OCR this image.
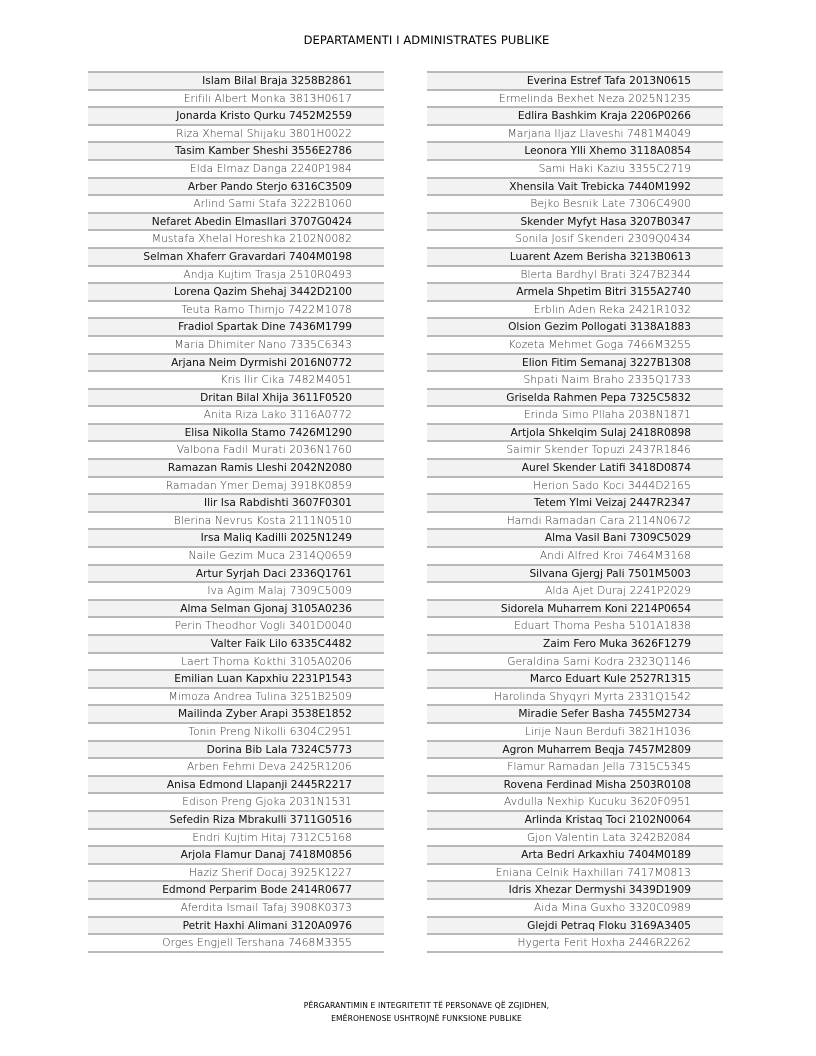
DEPARTAMENTI I ADMINISTRATES PUBLIKE
Islam Bilal Braja 3258B2861
Erifili Albert Monka 3813H0617
Jonarda Kristo Qurku 7452M2559
Riza Xhemal Shijaku 3801H0022
Tasim Kamber Sheshi 3556E2786
Elda Elmaz Danga 2240P1984
Arber Pando Sterjo 6316C3509
Arlind Sami Stafa 3222B1060
Nefaret Abedin Elmasllari 3707G0424
Mustafa Xhelal Horeshka 2102N0082
Selman Xhaferr Gravardari 7404M0198
Andja Kujtim Trasja 2510R0493
Lorena Qazim Shehaj 3442D2100
Teuta Ramo Thimjo 7422M1078
Fradiol Spartak Dine 7436M1799
Maria Dhimiter Nano 7335C6343
Arjana Neim Dyrmishi 2016N0772
Kris Ilir Cika 7482M4051
Dritan Bilal Xhija 3611F0520
Anita Riza Lako 3116A0772
Elisa Nikolla Stamo 7426M1290
Valbona Fadil Murati 2036N1760
Ramazan Ramis Lleshi 2042N2080
Ramadan Ymer Demaj 3918K0859
Ilir Isa Rabdishti 3607F0301
Blerina Nevrus Kosta 2111N0510
Irsa Maliq Kadilli 2025N1249
Naile Gezim Muca 2314Q0659
Artur Syrjah Daci 2336Q1761
Iva Agim Malaj 7309C5009
Alma Selman Gjonaj 3105A0236
Perin Theodhor Vogli 3401D0040
Valter Faik Lilo 6335C4482
Laert Thoma Kokthi 3105A0206
Emilian Luan Kapxhiu 2231P1543
Mimoza Andrea Tulina 3251B2509
Mailinda Zyber Arapi 3538E1852
Tonin Preng Nikolli 6304C2951
Dorina Bib Lala 7324C5773
Arben Fehmi Deva 2425R1206
Anisa Edmond Llapanji 2445R2217
Edison Preng Gjoka 2031N1531
Sefedin Riza Mbrakulli 3711G0516
Endri Kujtim Hitaj 7312C5168
Arjola Flamur Danaj 7418M0856
Haziz Sherif Docaj 3925K1227
Edmond Perparim Bode 2414R0677
Aferdita Ismail Tafaj 3908K0373
Petrit Haxhi Alimani 3120A0976
Orges Engjell Tershana 7468M3355
Everina Estref Tafa 2013N0615
Ermelinda Bexhet Neza 2025N1235
Edlira Bashkim Kraja 2206P0266
Marjana Iljaz Llaveshi 7481M4049
Leonora Ylli Xhemo 3118A0854
Sami Haki Kaziu 3355C2719
Xhensila Vait Trebicka 7440M1992
Bejko Besnik Late 7306C4900
Skender Myfyt Hasa 3207B0347
Sonila Josif Skenderi 2309Q0434
Luarent Azem Berisha 3213B0613
Blerta Bardhyl Brati 3247B2344
Armela Shpetim Bitri 3155A2740
Erblin Aden Reka 2421R1032
Olsion Gezim Pollogati 3138A1883
Kozeta Mehmet Goga 7466M3255
Elion Fitim Semanaj 3227B1308
Shpati Naim Braho 2335Q1733
Griselda Rahmen Pepa 7325C5832
Erinda Simo Pllaha 2038N1871
Artjola Shkelqim Sulaj 2418R0898
Saimir Skender Topuzi 2437R1846
Aurel Skender Latifi 3418D0874
Herion Sado Koci 3444D2165
Tetem Ylmi Veizaj 2447R2347
Hamdi Ramadan Cara 2114N0672
Alma Vasil Bani 7309C5029
Andi Alfred Kroi 7464M3168
Silvana Gjergj Pali 7501M5003
Alda Ajet Duraj 2241P2029
Sidorela Muharrem Koni 2214P0654
Eduart Thoma Pesha 5101A1838
Zaim Fero Muka 3626F1279
Geraldina Sami Kodra 2323Q1146
Marco Eduart Kule 2527R1315
Harolinda Shyqyri Myrta 2331Q1542
Miradie Sefer Basha 7455M2734
Lirije Naun Berdufi 3821H1036
Agron Muharrem Beqja 7457M2809
Flamur Ramadan Jella 7315C5345
Rovena Ferdinad Misha 2503R0108
Avdulla Nexhip Kucuku 3620F0951
Arlinda Kristaq Toci 2102N0064
Gjon Valentin Lata 3242B2084
Arta Bedri Arkaxhiu 7404M0189
Eniana Celnik Haxhillari 7417M0813
Idris Xhezar Dermyshi 3439D1909
Aida Mina Guxho 3320C0989
Glejdi Petraq Floku 3169A3405
Hygerta Ferit Hoxha 2446R2262
PËRGARANTIMIN E INTEGRITETIT TË PERSONAVE QË ZGJIDHEN,
EMËROHENOSE USHTROJNË FUNKSIONE PUBLIKE
